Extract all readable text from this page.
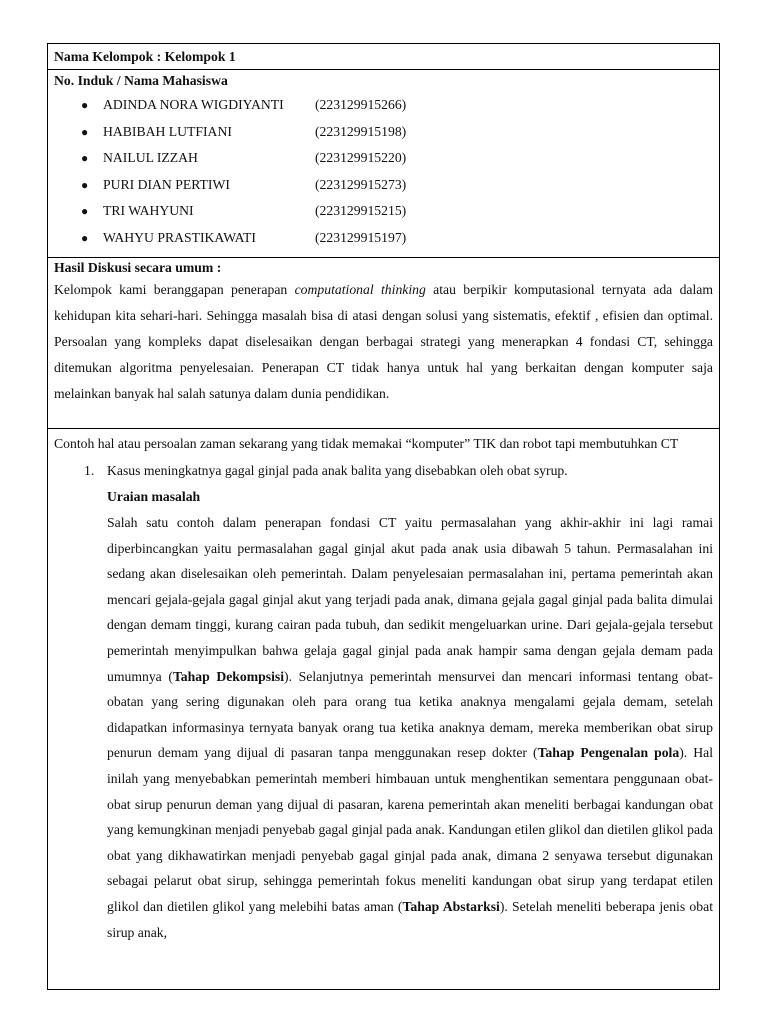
Nama Kelompok : Kelompok 1

No. Induk / Nama Mahasiswa
● ADINDA NORA WIGDIYANTI (223129915266)
● HABIBAH LUTFIANI	(223129915198)
● NAILUL IZZAH	(223129915220)
● PURI DIAN PERTIWI	(223129915273)
● TRI WAHYUNI	(223129915215)
● WAHYU PRASTIKAWATI	(223129915197)

Hasil Diskusi secara umum :

Kelompok kami beranggapan penerapan computational thinking atau berpikir komputasional ternyata ada dalam kehidupan kita sehari-hari. Sehingga masalah bisa di atasi dengan solusi yang sistematis, efektif , efisien dan optimal. Persoalan yang kompleks dapat diselesaikan dengan berbagai strategi yang menerapkan 4 fondasi CT, sehingga ditemukan algoritma penyelesaian. Penerapan CT tidak hanya untuk hal yang berkaitan dengan komputer saja melainkan banyak hal salah satunya dalam dunia pendidikan.

Contoh hal atau persoalan zaman sekarang yang tidak memakai “komputer” TIK dan robot tapi membutuhkan CT

1. Kasus meningkatnya gagal ginjal pada anak balita yang disebabkan oleh obat syrup.
Uraian masalah

Salah satu contoh dalam penerapan fondasi CT yaitu permasalahan yang akhir-akhir ini lagi ramai diperbincangkan yaitu permasalahan gagal ginjal akut pada anak usia dibawah 5 tahun. Permasalahan ini sedang akan diselesaikan oleh pemerintah. Dalam penyelesaian permasalahan ini, pertama pemerintah akan mencari gejala-gejala gagal ginjal akut yang terjadi pada anak, dimana gejala gagal ginjal pada balita dimulai dengan demam tinggi, kurang cairan pada tubuh, dan sedikit mengeluarkan urine. Dari gejala-gejala tersebut pemerintah menyimpulkan bahwa gelaja gagal ginjal pada anak hampir sama dengan gejala demam pada umumnya (Tahap Dekompsisi). Selanjutnya pemerintah mensurvei dan mencari informasi tentang obat-obatan yang sering digunakan oleh para orang tua ketika anaknya mengalami gejala demam, setelah didapatkan informasinya ternyata banyak orang tua ketika anaknya demam, mereka memberikan obat sirup penurun demam yang dijual di pasaran tanpa menggunakan resep dokter (Tahap Pengenalan pola). Hal inilah yang menyebabkan pemerintah memberi himbauan untuk menghentikan sementara penggunaan obat-obat sirup penurun deman yang dijual di pasaran, karena pemerintah akan meneliti berbagai kandungan obat yang kemungkinan menjadi penyebab gagal ginjal pada anak. Kandungan etilen glikol dan dietilen glikol pada obat yang dikhawatirkan menjadi penyebab gagal ginjal pada anak, dimana 2 senyawa tersebut digunakan sebagai pelarut obat sirup, sehingga pemerintah fokus meneliti kandungan obat sirup yang terdapat etilen glikol dan dietilen glikol yang melebihi batas aman (Tahap Abstarksi). Setelah meneliti beberapa jenis obat sirup anak,
